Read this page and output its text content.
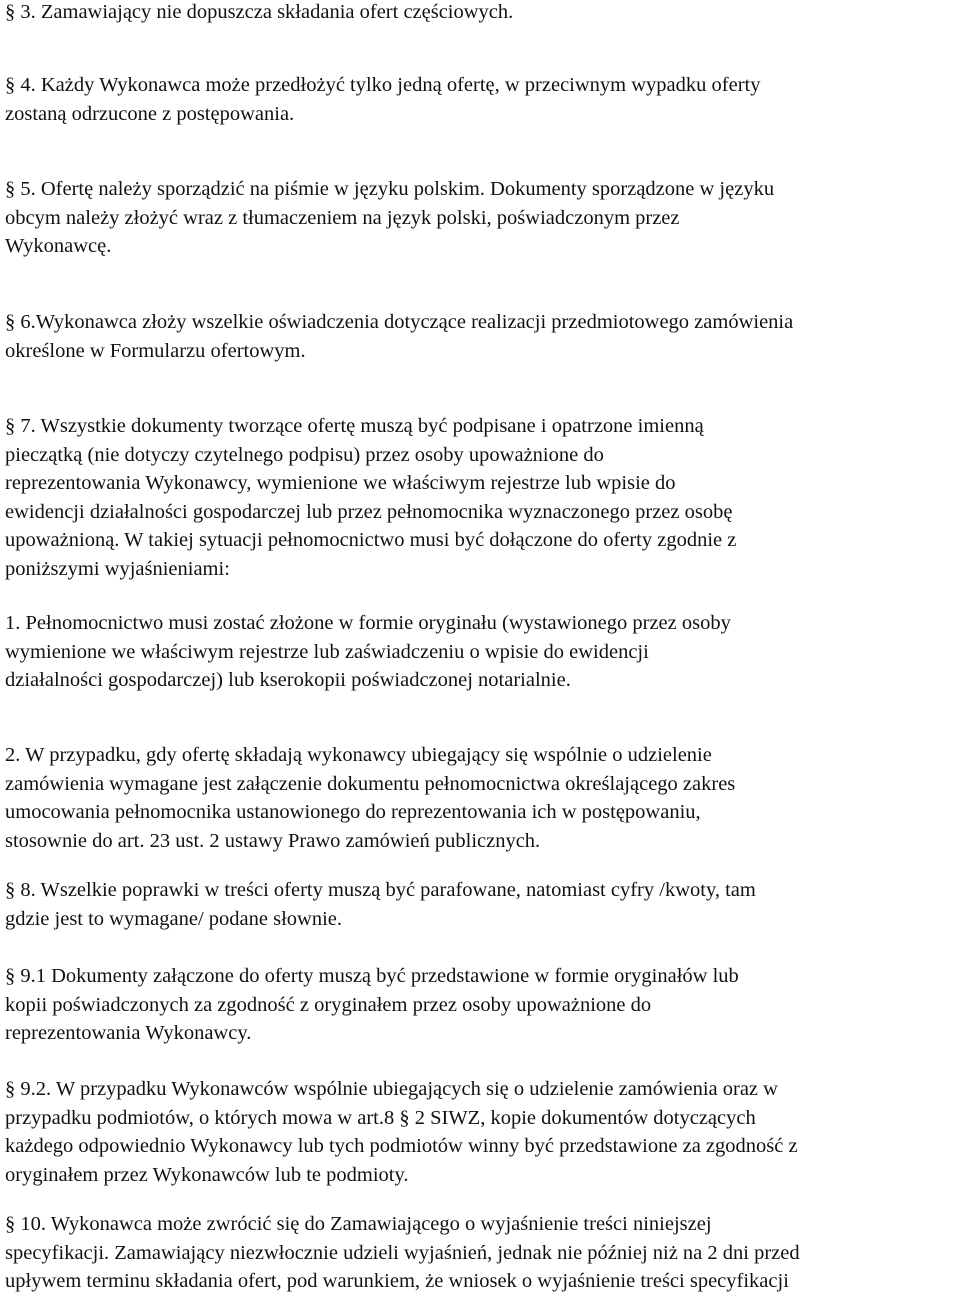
§ 3. Zamawiający nie dopuszcza składania ofert częściowych.
§ 4. Każdy Wykonawca może przedłożyć tylko jedną ofertę, w przeciwnym wypadku oferty
zostaną odrzucone z postępowania.
§ 5. Ofertę należy sporządzić na piśmie w języku polskim. Dokumenty sporządzone w języku
obcym należy złożyć wraz z tłumaczeniem na język polski, poświadczonym przez
Wykonawcę.
§ 6.Wykonawca złoży wszelkie oświadczenia dotyczące realizacji przedmiotowego zamówienia
określone w Formularzu ofertowym.
§ 7. Wszystkie dokumenty tworzące ofertę muszą być podpisane i opatrzone imienną
pieczątką (nie dotyczy czytelnego podpisu) przez osoby upoważnione do
reprezentowania Wykonawcy, wymienione we właściwym rejestrze lub wpisie do
ewidencji działalności gospodarczej lub przez pełnomocnika wyznaczonego przez osobę
upoważnioną. W takiej sytuacji pełnomocnictwo musi być dołączone do oferty zgodnie z
poniższymi wyjaśnieniami:
1. Pełnomocnictwo musi zostać złożone w formie oryginału (wystawionego przez osoby
wymienione we właściwym rejestrze lub zaświadczeniu o wpisie do ewidencji
działalności gospodarczej) lub kserokopii poświadczonej notarialnie.
2. W przypadku, gdy ofertę składają wykonawcy ubiegający się wspólnie o udzielenie
zamówienia wymagane jest załączenie dokumentu pełnomocnictwa określającego zakres
umocowania pełnomocnika ustanowionego do reprezentowania ich w postępowaniu,
stosownie do art. 23 ust. 2 ustawy Prawo zamówień publicznych.
§ 8. Wszelkie poprawki w treści oferty muszą być parafowane, natomiast cyfry /kwoty, tam
gdzie jest to wymagane/ podane słownie.
§ 9.1 Dokumenty załączone do oferty muszą być przedstawione w formie oryginałów lub
kopii poświadczonych za zgodność z oryginałem przez osoby upoważnione do
reprezentowania Wykonawcy.
§ 9.2. W przypadku Wykonawców wspólnie ubiegających się o udzielenie zamówienia oraz w
przypadku podmiotów, o których mowa w art.8 § 2 SIWZ, kopie dokumentów dotyczących
każdego odpowiednio Wykonawcy lub tych podmiotów winny być przedstawione za zgodność z
oryginałem przez Wykonawców lub te podmioty.
§ 10. Wykonawca może zwrócić się do Zamawiającego o wyjaśnienie treści niniejszej
specyfikacji. Zamawiający niezwłocznie udzieli wyjaśnień, jednak nie później niż na 2 dni przed
upływem terminu składania ofert, pod warunkiem, że wniosek o wyjaśnienie treści specyfikacji
